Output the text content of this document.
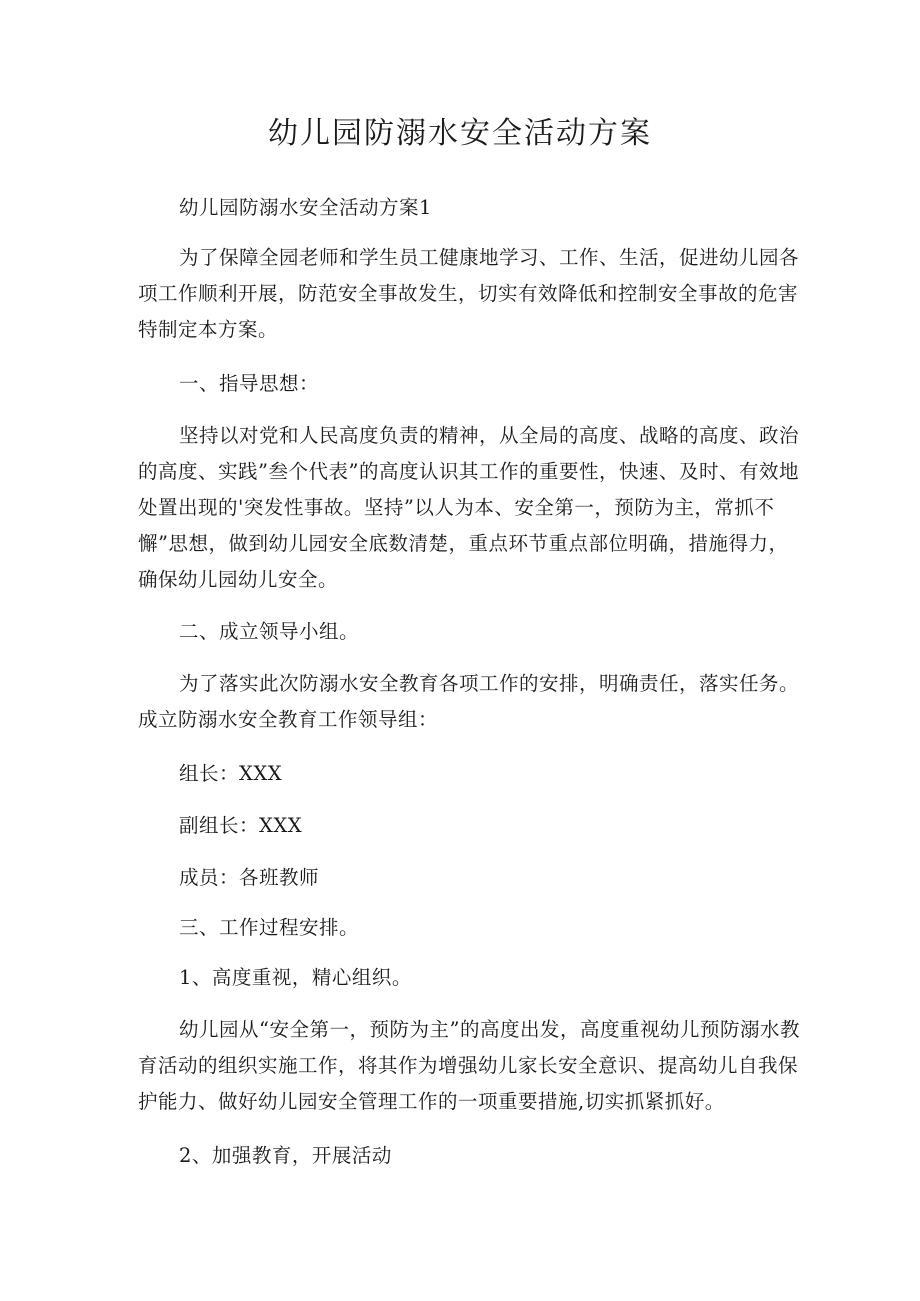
幼儿园防溺水安全活动方案

幼儿园防溺水安全活动方案1

为了保障全园老师和学生员工健康地学习、工作、生活，促进幼儿园各项工作顺利开展，防范安全事故发生，切实有效降低和控制安全事故的危害特制定本方案。

一、指导思想：

坚持以对党和人民高度负责的精神，从全局的高度、战略的高度、政治的高度、实践”叁个代表”的高度认识其工作的重要性，快速、及时、有效地处置出现的'突发性事故。坚持”以人为本、安全第一，预防为主，常抓不懈”思想，做到幼儿园安全底数清楚，重点环节重点部位明确，措施得力，确保幼儿园幼儿安全。

二、成立领导小组。

为了落实此次防溺水安全教育各项工作的安排，明确责任，落实任务。成立防溺水安全教育工作领导组：

组长：XXX

副组长：XXX

成员：各班教师

三、工作过程安排。

1、高度重视，精心组织。

幼儿园从“安全第一，预防为主”的高度出发，高度重视幼儿预防溺水教育活动的组织实施工作，将其作为增强幼儿家长安全意识、提高幼儿自我保护能力、做好幼儿园安全管理工作的一项重要措施,切实抓紧抓好。

2、加强教育，开展活动
